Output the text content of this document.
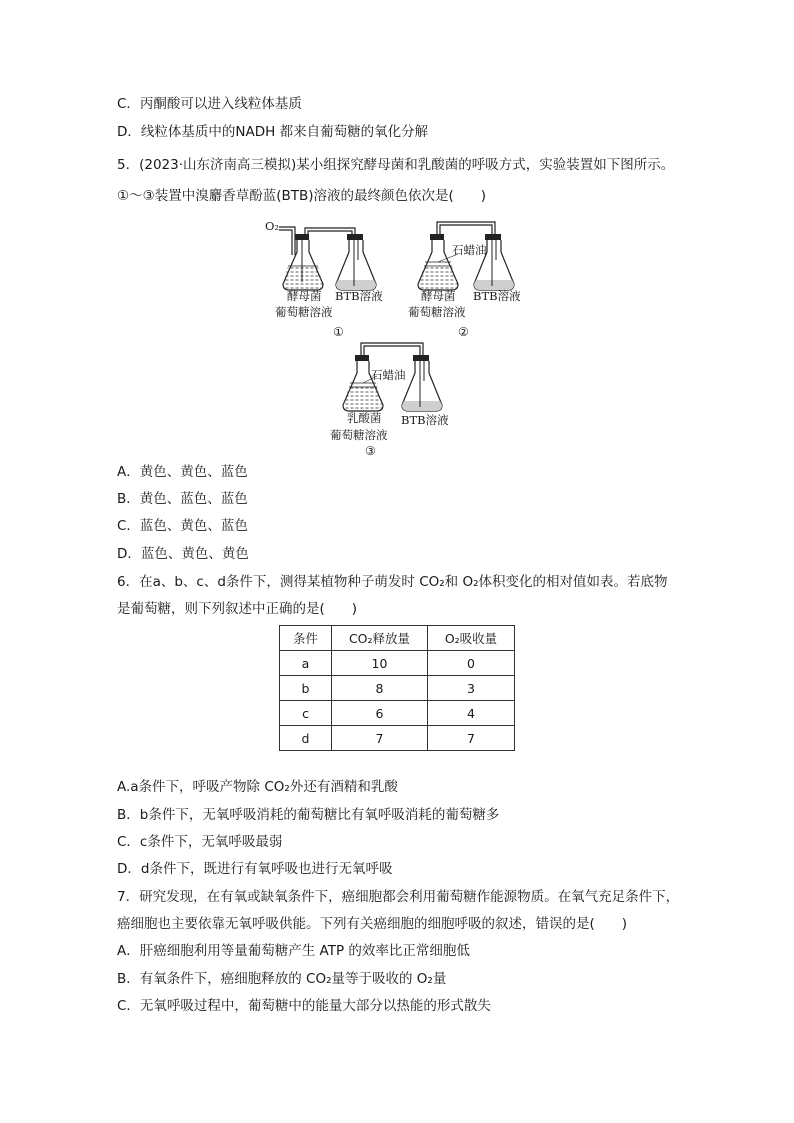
C．丙酮酸可以进入线粒体基质
D．线粒体基质中的NADH 都来自葡萄糖的氧化分解
5．(2023·山东济南高三模拟)某小组探究酵母菌和乳酸菌的呼吸方式，实验装置如下图所示。
①～③装置中溴麝香草酚蓝(BTB)溶液的最终颜色依次是(　　)
O₂
酵母菌 BTB溶液
葡萄糖溶液
①
石蜡油
酵母菌 BTB溶液
葡萄糖溶液
②
石蜡油
乳酸菌 BTB溶液
葡萄糖溶液
③
A．黄色、黄色、蓝色
B．黄色、蓝色、蓝色
C．蓝色、黄色、蓝色
D．蓝色、黄色、黄色
6．在a、b、c、d条件下，测得某植物种子萌发时 CO₂和 O₂体积变化的相对值如表。若底物
是葡萄糖，则下列叙述中正确的是(　　)
条件	CO₂释放量	O₂吸收量
a	10	0
b	8	3
c	6	4
d	7	7
A.a条件下，呼吸产物除 CO₂外还有酒精和乳酸
B．b条件下，无氧呼吸消耗的葡萄糖比有氧呼吸消耗的葡萄糖多
C．c条件下，无氧呼吸最弱
D．d条件下，既进行有氧呼吸也进行无氧呼吸
7．研究发现，在有氧或缺氧条件下，癌细胞都会利用葡萄糖作能源物质。在氧气充足条件下，
癌细胞也主要依靠无氧呼吸供能。下列有关癌细胞的细胞呼吸的叙述，错误的是(　　)
A．肝癌细胞利用等量葡萄糖产生 ATP 的效率比正常细胞低
B．有氧条件下，癌细胞释放的 CO₂量等于吸收的 O₂量
C．无氧呼吸过程中，葡萄糖中的能量大部分以热能的形式散失
